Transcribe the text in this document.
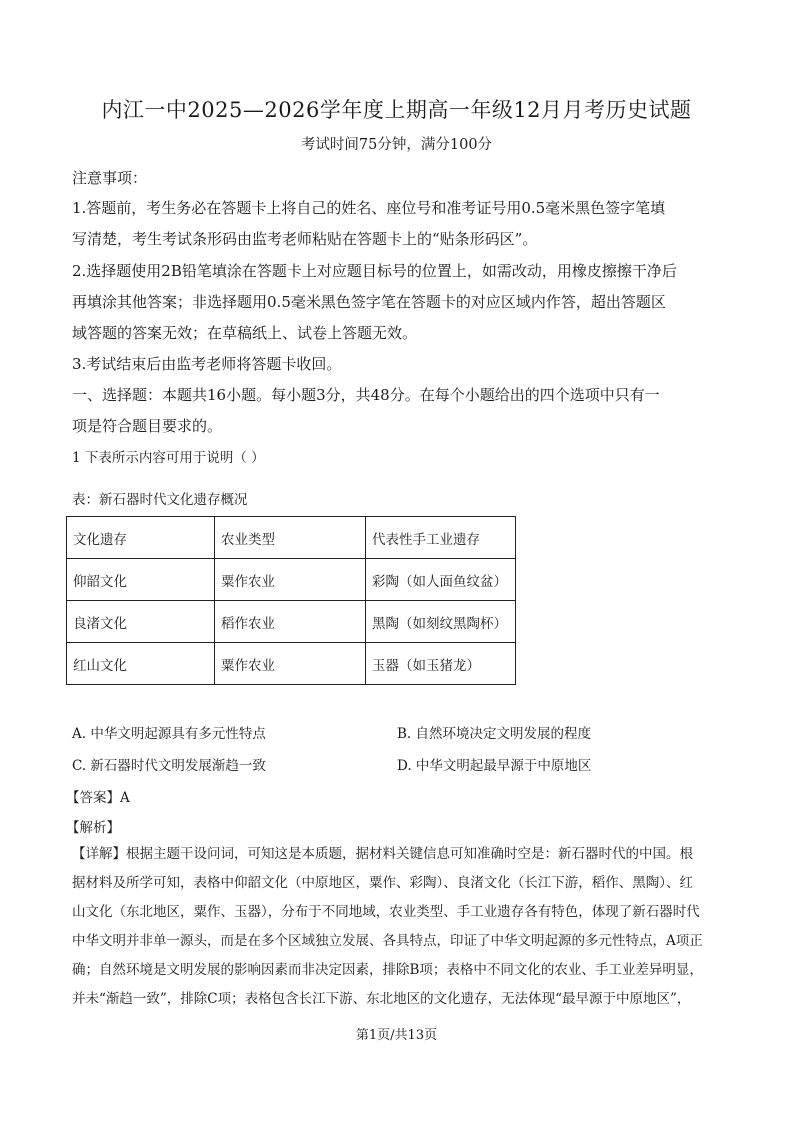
内江一中2025—2026学年度上期高一年级12月月考历史试题
考试时间75分钟，满分100分
注意事项：
1.答题前，考生务必在答题卡上将自己的姓名、座位号和准考证号用0.5毫米黑色签字笔填
写清楚，考生考试条形码由监考老师粘贴在答题卡上的“贴条形码区”。
2.选择题使用2B铅笔填涂在答题卡上对应题目标号的位置上，如需改动，用橡皮擦擦干净后
再填涂其他答案；非选择题用0.5毫米黑色签字笔在答题卡的对应区域内作答，超出答题区
域答题的答案无效；在草稿纸上、试卷上答题无效。
3.考试结束后由监考老师将答题卡收回。
一、选择题：本题共16小题。每小题3分，共48分。在每个小题给出的四个选项中只有一
项是符合题目要求的。
1 下表所示内容可用于说明（ ）
表：新石器时代文化遗存概况
文化遗存	农业类型	代表性手工业遗存
仰韶文化	粟作农业	彩陶（如人面鱼纹盆）
良渚文化	稻作农业	黑陶（如刻纹黑陶杯）
红山文化	粟作农业	玉器（如玉猪龙）
A. 中华文明起源具有多元性特点	B. 自然环境决定文明发展的程度
C. 新石器时代文明发展渐趋一致	D. 中华文明起最早源于中原地区
【答案】A
【解析】
【详解】根据主题干设问词，可知这是本质题，据材料关键信息可知准确时空是：新石器时代的中国。根
据材料及所学可知，表格中仰韶文化（中原地区，粟作、彩陶）、良渚文化（长江下游，稻作、黑陶）、红
山文化（东北地区，粟作、玉器），分布于不同地域，农业类型、手工业遗存各有特色，体现了新石器时代
中华文明并非单一源头，而是在多个区域独立发展、各具特点，印证了中华文明起源的多元性特点，A项正
确；自然环境是文明发展的影响因素而非决定因素，排除B项；表格中不同文化的农业、手工业差异明显，
并未“渐趋一致”，排除C项；表格包含长江下游、东北地区的文化遗存，无法体现“最早源于中原地区”，
第1页/共13页
